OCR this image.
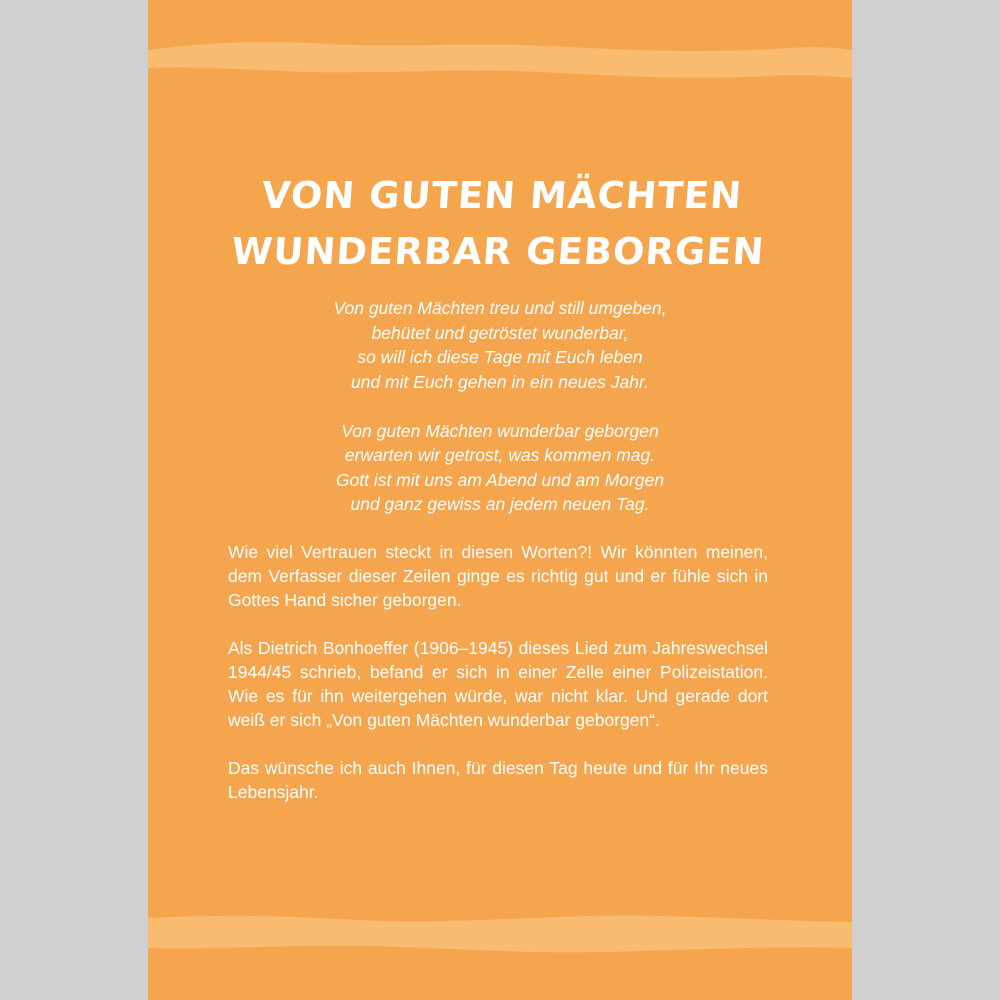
VON GUTEN MÄCHTEN
WUNDERBAR GEBORGEN
Von guten Mächten treu und still umgeben,
behütet und getröstet wunderbar,
so will ich diese Tage mit Euch leben
und mit Euch gehen in ein neues Jahr.
Von guten Mächten wunderbar geborgen
erwarten wir getrost, was kommen mag.
Gott ist mit uns am Abend und am Morgen
und ganz gewiss an jedem neuen Tag.

Wie viel Vertrauen steckt in diesen Worten?! Wir könnten meinen, dem Verfasser dieser Zeilen ginge es richtig gut und er fühle sich in Gottes Hand sicher geborgen.

Als Dietrich Bonhoeffer (1906–1945) dieses Lied zum Jahreswechsel 1944/45 schrieb, befand er sich in einer Zelle einer Polizeistation. Wie es für ihn weitergehen würde, war nicht klar. Und gerade dort weiß er sich „Von guten Mächten wunderbar geborgen“.

Das wünsche ich auch Ihnen, für diesen Tag heute und für Ihr neues Lebensjahr.
